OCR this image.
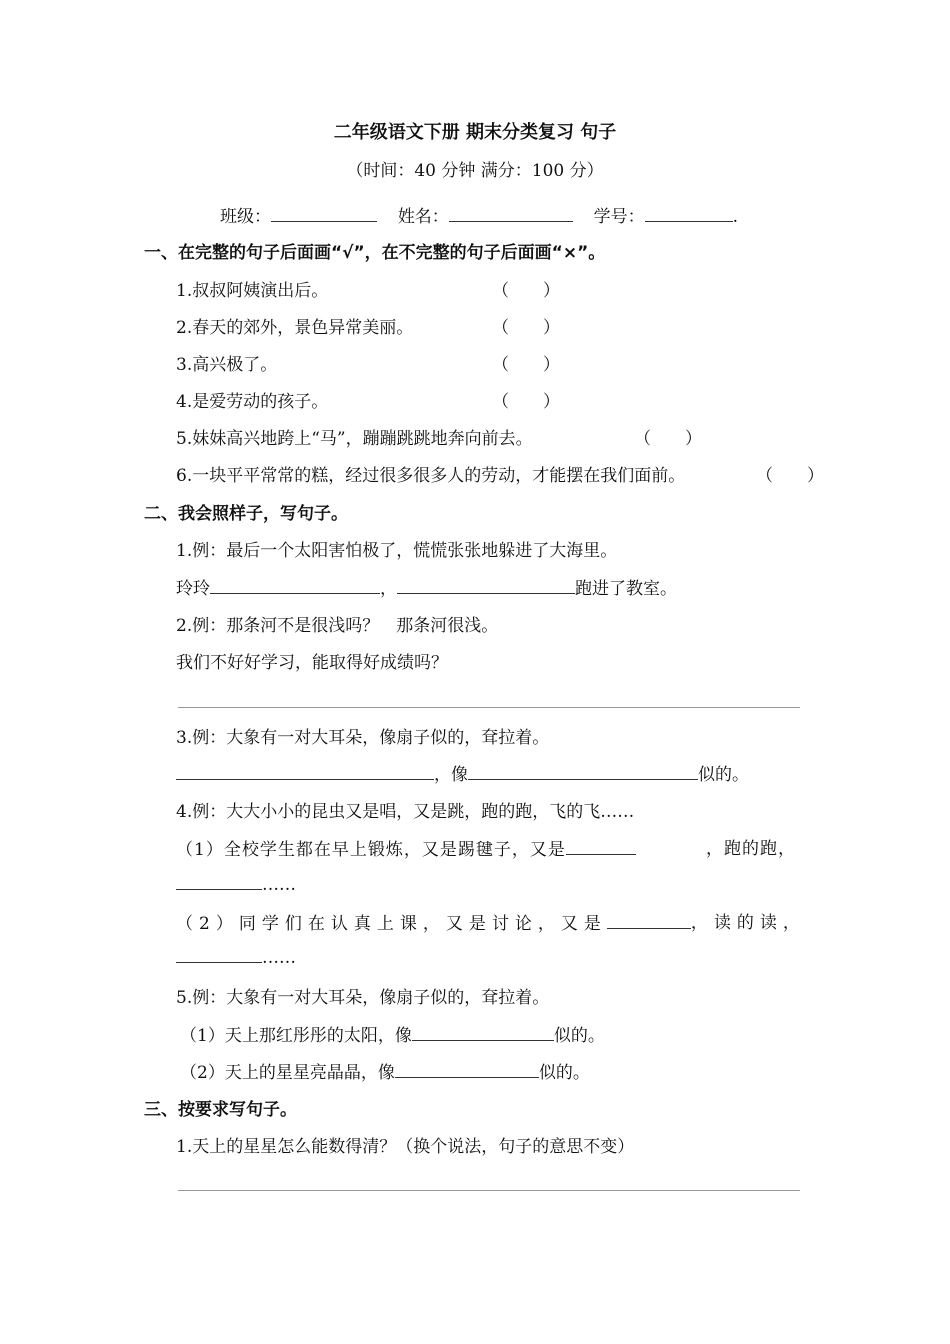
二年级语文下册 期末分类复习 句子
（时间：40 分钟 满分：100 分）
班级：	姓名：	学号：	.
一、在完整的句子后面画“√”，在不完整的句子后面画“×”。
1.叔叔阿姨演出后。	（　　）
2.春天的郊外，景色异常美丽。	（　　）
3.高兴极了。	（　　）
4.是爱劳动的孩子。	（　　）
5.妹妹高兴地跨上“马”，蹦蹦跳跳地奔向前去。	（　　）
6.一块平平常常的糕，经过很多很多人的劳动，才能摆在我们面前。	（　　）
二、我会照样子，写句子。
1.例：最后一个太阳害怕极了，慌慌张张地躲进了大海里。
玲玲	，	跑进了教室。
2.例：那条河不是很浅吗？　那条河很浅。
我们不好好学习，能取得好成绩吗？
3.例：大象有一对大耳朵，像扇子似的，耷拉着。
，像	似的。
4.例：大大小小的昆虫又是唱，又是跳，跑的跑，飞的飞……
（1）全校学生都在早上锻炼，又是踢毽子，又是	，跑的跑，
……
（2）同学们在认真上课，又是讨论，又是	，读的读，
……
5.例：大象有一对大耳朵，像扇子似的，耷拉着。
（1）天上那红彤彤的太阳，像	似的。
（2）天上的星星亮晶晶，像	似的。
三、按要求写句子。
1.天上的星星怎么能数得清？（换个说法，句子的意思不变）
